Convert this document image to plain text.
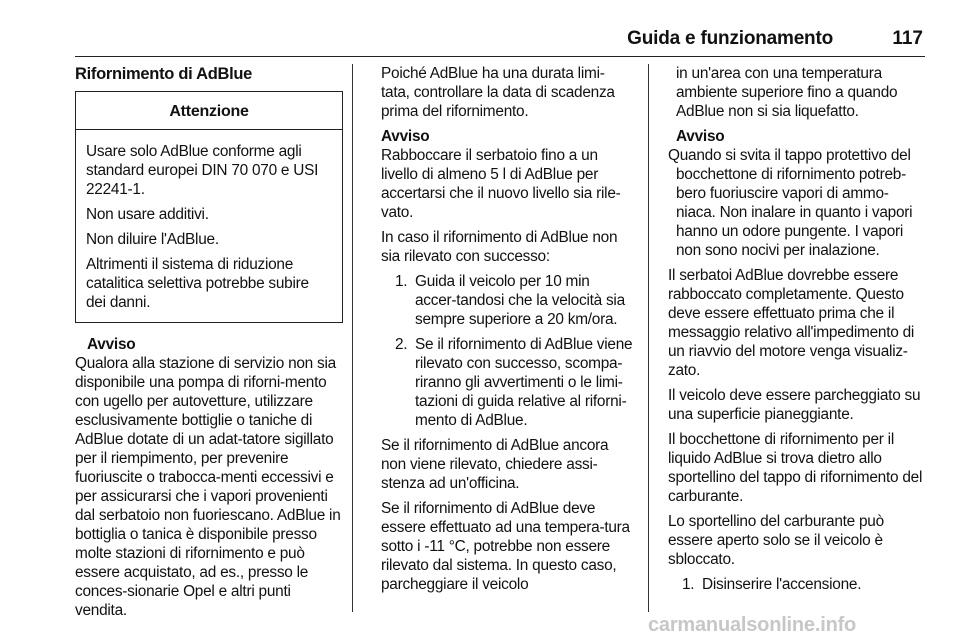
Guida e funzionamento	117
Rifornimento di AdBlue
Attenzione

Usare solo AdBlue conforme agli standard europei DIN 70 070 e USI 22241-1.

Non usare additivi.

Non diluire l'AdBlue.

Altrimenti il sistema di riduzione catalitica selettiva potrebbe subire dei danni.

Avviso
Qualora alla stazione di servizio non sia disponibile una pompa di riforni-mento con ugello per autovetture, utilizzare esclusivamente bottiglie o taniche di AdBlue dotate di un adat-tatore sigillato per il riempimento, per prevenire fuoriuscite o trabocca-menti eccessivi e per assicurarsi che i vapori provenienti dal serbatoio non fuoriescano. AdBlue in bottiglia o tanica è disponibile presso molte stazioni di rifornimento e può essere acquistato, ad es., presso le conces-sionarie Opel e altri punti vendita.

Poiché AdBlue ha una durata limi-tata, controllare la data di scadenza prima del rifornimento.

Avviso
Rabboccare il serbatoio fino a un livello di almeno 5 l di AdBlue per accertarsi che il nuovo livello sia rile-vato.

In caso il rifornimento di AdBlue non sia rilevato con successo:

1. Guida il veicolo per 10 min accer-tandosi che la velocità sia sempre superiore a 20 km/ora.
2. Se il rifornimento di AdBlue viene rilevato con successo, scompa-riranno gli avvertimenti o le limi-tazioni di guida relative al riforni-mento di AdBlue.

Se il rifornimento di AdBlue ancora non viene rilevato, chiedere assi-stenza ad un'officina.

Se il rifornimento di AdBlue deve essere effettuato ad una tempera-tura sotto i -11 °C, potrebbe non essere rilevato dal sistema. In questo caso, parcheggiare il veicolo

in un'area con una temperatura ambiente superiore fino a quando AdBlue non si sia liquefatto.

Avviso
Quando si svita il tappo protettivo del bocchettone di rifornimento potreb-bero fuoriuscire vapori di ammo-niaca. Non inalare in quanto i vapori hanno un odore pungente. I vapori non sono nocivi per inalazione.

Il serbatoi AdBlue dovrebbe essere rabboccato completamente. Questo deve essere effettuato prima che il messaggio relativo all'impedimento di un riavvio del motore venga visualiz-zato.

Il veicolo deve essere parcheggiato su una superficie pianeggiante.

Il bocchettone di rifornimento per il liquido AdBlue si trova dietro allo sportellino del tappo di rifornimento del carburante.

Lo sportellino del carburante può essere aperto solo se il veicolo è sbloccato.

1. Disinserire l'accensione.
carmanualsonline.info
